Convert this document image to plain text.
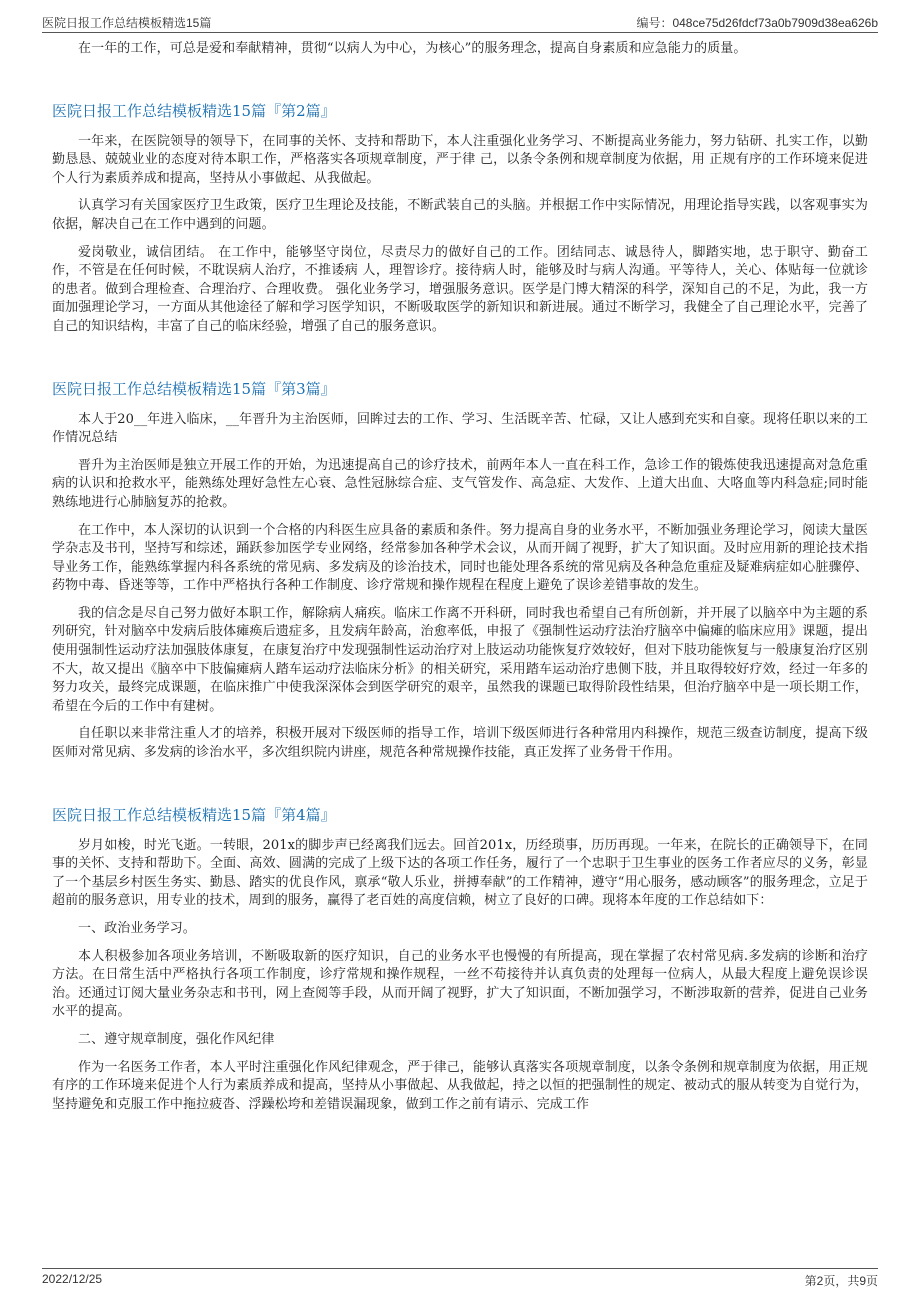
医院日报工作总结模板精选15篇	编号：048ce75d26fdcf73a0b7909d38ea626b

在一年的工作，可总是爱和奉献精神，贯彻“以病人为中心，为核心”的服务理念，提高自身素质和应急能力的质量。

医院日报工作总结模板精选15篇『第2篇』

一年来，在医院领导的领导下，在同事的关怀、支持和帮助下，本人注重强化业务学习、不断提高业务能力，努力钻研、扎实工作，以勤勤恳恳、兢兢业业的态度对待本职工作，严格落实各项规章制度，严于律 己，以条令条例和规章制度为依据，用 正规有序的工作环境来促进个人行为素质养成和提高，坚持从小事做起、从我做起。

认真学习有关国家医疗卫生政策，医疗卫生理论及技能，不断武装自己的头脑。并根据工作中实际情况，用理论指导实践，以客观事实为依据，解决自己在工作中遇到的问题。

爱岗敬业，诚信团结。 在工作中，能够坚守岗位，尽责尽力的做好自己的工作。团结同志、诚恳待人，脚踏实地，忠于职守、勤奋工作，不管是在任何时候，不耽误病人治疗，不推诿病 人，理智诊疗。接待病人时，能够及时与病人沟通。平等待人，关心、体贴每一位就诊的患者。做到合理检查、合理治疗、合理收费。 强化业务学习，增强服务意识。医学是门博大精深的科学，深知自己的不足，为此，我一方面加强理论学习，一方面从其他途径了解和学习医学知识，不断吸取医学的新知识和新进展。通过不断学习，我健全了自己理论水平，完善了自己的知识结构，丰富了自己的临床经验，增强了自己的服务意识。

医院日报工作总结模板精选15篇『第3篇』

本人于20__年进入临床，__年晋升为主治医师，回眸过去的工作、学习、生活既辛苦、忙碌，又让人感到充实和自豪。现将任职以来的工作情况总结

晋升为主治医师是独立开展工作的开始，为迅速提高自己的诊疗技术，前两年本人一直在科工作，急诊工作的锻炼使我迅速提高对急危重病的认识和抢救水平，能熟练处理好急性左心衰、急性冠脉综合症、支气管发作、高急症、大发作、上道大出血、大咯血等内科急症;同时能熟练地进行心肺脑复苏的抢救。

在工作中，本人深切的认识到一个合格的内科医生应具备的素质和条件。努力提高自身的业务水平，不断加强业务理论学习，阅读大量医学杂志及书刊，坚持写和综述，踊跃参加医学专业网络，经常参加各种学术会议，从而开阔了视野，扩大了知识面。及时应用新的理论技术指导业务工作，能熟练掌握内科各系统的常见病、多发病及的诊治技术，同时也能处理各系统的常见病及各种急危重症及疑难病症如心脏骤停、药物中毒、昏迷等等，工作中严格执行各种工作制度、诊疗常规和操作规程在程度上避免了误诊差错事故的发生。

我的信念是尽自己努力做好本职工作，解除病人痛疾。临床工作离不开科研，同时我也希望自己有所创新，并开展了以脑卒中为主题的系列研究，针对脑卒中发病后肢体瘫痪后遗症多，且发病年龄高，治愈率低，申报了《强制性运动疗法治疗脑卒中偏瘫的临床应用》课题，提出使用强制性运动疗法加强肢体康复，在康复治疗中发现强制性运动治疗对上肢运动功能恢复疗效较好，但对下肢功能恢复与一般康复治疗区别不大，故又提出《脑卒中下肢偏瘫病人踏车运动疗法临床分析》的相关研究，采用踏车运动治疗患侧下肢，并且取得较好疗效，经过一年多的努力攻关，最终完成课题，在临床推广中使我深深体会到医学研究的艰辛，虽然我的课题已取得阶段性结果，但治疗脑卒中是一项长期工作，希望在今后的工作中有建树。

自任职以来非常注重人才的培养，积极开展对下级医师的指导工作，培训下级医师进行各种常用内科操作，规范三级查访制度，提高下级医师对常见病、多发病的诊治水平，多次组织院内讲座，规范各种常规操作技能，真正发挥了业务骨干作用。

医院日报工作总结模板精选15篇『第4篇』

岁月如梭，时光飞逝。一转眼，201x的脚步声已经离我们远去。回首201x，历经琐事，历历再现。一年来，在院长的正确领导下，在同事的关怀、支持和帮助下。全面、高效、圆满的完成了上级下达的各项工作任务，履行了一个忠职于卫生事业的医务工作者应尽的义务，彰显了一个基层乡村医生务实、勤恳、踏实的优良作风，禀承“敬人乐业，拼搏奉献”的工作精神，遵守“用心服务，感动顾客”的服务理念，立足于超前的服务意识，用专业的技术，周到的服务，赢得了老百姓的高度信赖，树立了良好的口碑。现将本年度的工作总结如下：

一、政治业务学习。

本人积极参加各项业务培训，不断吸取新的医疗知识，自己的业务水平也慢慢的有所提高，现在掌握了农村常见病.多发病的诊断和治疗方法。在日常生活中严格执行各项工作制度，诊疗常规和操作规程，一丝不苟接待并认真负责的处理每一位病人，从最大程度上避免误诊误治。还通过订阅大量业务杂志和书刊，网上查阅等手段，从而开阔了视野，扩大了知识面，不断加强学习，不断涉取新的营养，促进自己业务水平的提高。

二、遵守规章制度，强化作风纪律

作为一名医务工作者，本人平时注重强化作风纪律观念，严于律己，能够认真落实各项规章制度，以条令条例和规章制度为依据，用正规有序的工作环境来促进个人行为素质养成和提高，坚持从小事做起、从我做起，持之以恒的把强制性的规定、被动式的服从转变为自觉行为，坚持避免和克服工作中拖拉疲沓、浮躁松垮和差错误漏现象，做到工作之前有请示、完成工作

2022/12/25	第2页，共9页
